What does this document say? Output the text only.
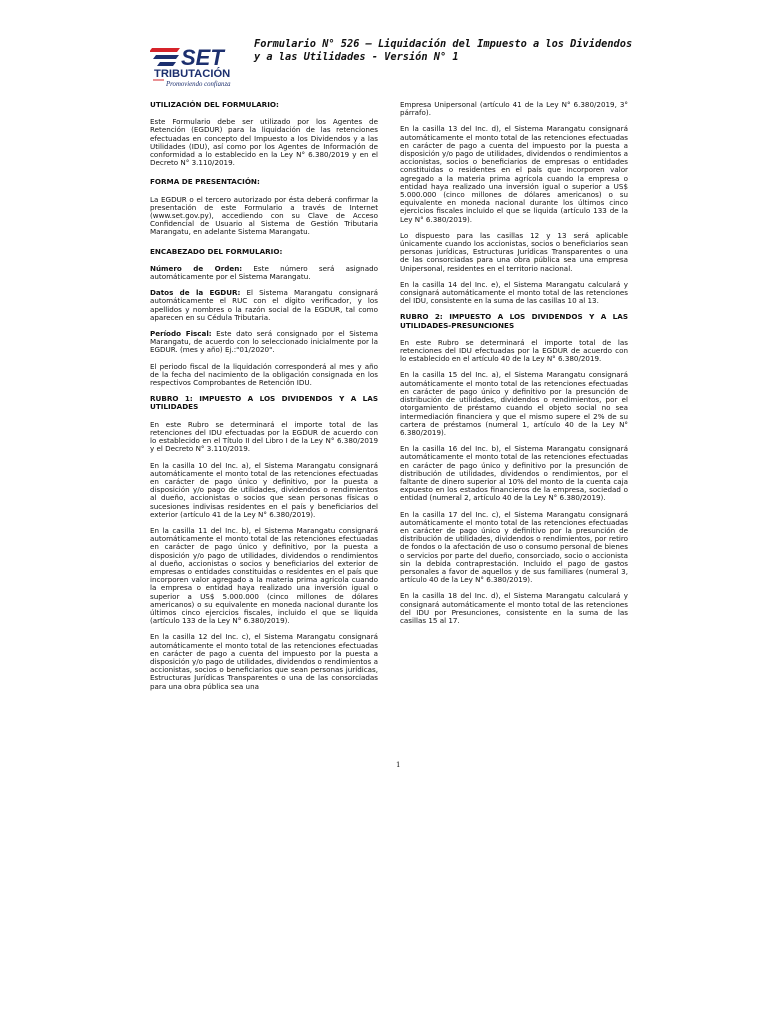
SET
TRIBUTACIÓN
Promoviendo confianza
Formulario N° 526 – Liquidación del Impuesto a los Dividendos y a las Utilidades - Versión N° 1
UTILIZACIÓN DEL FORMULARIO:

Este Formulario debe ser utilizado por los Agentes de Retención (EGDUR) para la liquidación de las retenciones efectuadas en concepto del Impuesto a los Dividendos y a las Utilidades (IDU), así como por los Agentes de Información de conformidad a lo establecido en la Ley N° 6.380/2019 y en el Decreto N° 3.110/2019.

FORMA DE PRESENTACIÓN:

La EGDUR o el tercero autorizado por ésta deberá confirmar la presentación de este Formulario a través de Internet (www.set.gov.py), accediendo con su Clave de Acceso Confidencial de Usuario al Sistema de Gestión Tributaria Marangatu, en adelante Sistema Marangatu.

ENCABEZADO DEL FORMULARIO:

Número de Orden: Este número será asignado automáticamente por el Sistema Marangatu.

Datos de la EGDUR: El Sistema Marangatu consignará automáticamente el RUC con el dígito verificador, y los apellidos y nombres o la razón social de la EGDUR, tal como aparecen en su Cédula Tributaria.

Período Fiscal: Este dato será consignado por el Sistema Marangatu, de acuerdo con lo seleccionado inicialmente por la EGDUR. (mes y año) Ej.:"01/2020".

El periodo fiscal de la liquidación corresponderá al mes y año de la fecha del nacimiento de la obligación consignada en los respectivos Comprobantes de Retención IDU.

RUBRO 1: IMPUESTO A LOS DIVIDENDOS Y A LAS UTILIDADES

En este Rubro se determinará el importe total de las retenciones del IDU efectuadas por la EGDUR de acuerdo con lo establecido en el Título II del Libro I de la Ley N° 6.380/2019 y el Decreto N° 3.110/2019.

En la casilla 10 del Inc. a), el Sistema Marangatu consignará automáticamente el monto total de las retenciones efectuadas en carácter de pago único y definitivo, por la puesta a disposición y/o pago de utilidades, dividendos o rendimientos al dueño, accionistas o socios que sean personas físicas o sucesiones indivisas residentes en el país y beneficiarios del exterior (artículo 41 de la Ley N° 6.380/2019).

En la casilla 11 del Inc. b), el Sistema Marangatu consignará automáticamente el monto total de las retenciones efectuadas en carácter de pago único y definitivo, por la puesta a disposición y/o pago de utilidades, dividendos o rendimientos al dueño, accionistas o socios y beneficiarios del exterior de empresas o entidades constituidas o residentes en el país que incorporen valor agregado a la materia prima agrícola cuando la empresa o entidad haya realizado una inversión igual o superior a US$ 5.000.000 (cinco millones de dólares americanos) o su equivalente en moneda nacional durante los últimos cinco ejercicios fiscales, incluido el que se liquida (artículo 133 de la Ley N° 6.380/2019).

En la casilla 12 del Inc. c), el Sistema Marangatu consignará automáticamente el monto total de las retenciones efectuadas en carácter de pago a cuenta del impuesto por la puesta a disposición y/o pago de utilidades, dividendos o rendimientos a accionistas, socios o beneficiarios que sean personas jurídicas, Estructuras Jurídicas Transparentes o una de las consorciadas para una obra pública sea una

Empresa Unipersonal (artículo 41 de la Ley N° 6.380/2019, 3° párrafo).

En la casilla 13 del Inc. d), el Sistema Marangatu consignará automáticamente el monto total de las retenciones efectuadas en carácter de pago a cuenta del impuesto por la puesta a disposición y/o pago de utilidades, dividendos o rendimientos a accionistas, socios o beneficiarios de empresas o entidades constituidas o residentes en el país que incorporen valor agregado a la materia prima agrícola cuando la empresa o entidad haya realizado una inversión igual o superior a US$ 5.000.000 (cinco millones de dólares americanos) o su equivalente en moneda nacional durante los últimos cinco ejercicios fiscales incluido el que se liquida (artículo 133 de la Ley N° 6.380/2019).

Lo dispuesto para las casillas 12 y 13 será aplicable únicamente cuando los accionistas, socios o beneficiarios sean personas jurídicas, Estructuras Jurídicas Transparentes o una de las consorciadas para una obra pública sea una empresa Unipersonal, residentes en el territorio nacional.

En la casilla 14 del Inc. e), el Sistema Marangatu calculará y consignará automáticamente el monto total de las retenciones del IDU, consistente en la suma de las casillas 10 al 13.

RUBRO 2: IMPUESTO A LOS DIVIDENDOS Y A LAS UTILIDADES-PRESUNCIONES

En este Rubro se determinará el importe total de las retenciones del IDU efectuadas por la EGDUR de acuerdo con lo establecido en el artículo 40 de la Ley N° 6.380/2019.

En la casilla 15 del Inc. a), el Sistema Marangatu consignará automáticamente el monto total de las retenciones efectuadas en carácter de pago único y definitivo por la presunción de distribución de utilidades, dividendos o rendimientos, por el otorgamiento de préstamo cuando el objeto social no sea intermediación financiera y que el mismo supere el 2% de su cartera de préstamos (numeral 1, artículo 40 de la Ley N° 6.380/2019).

En la casilla 16 del Inc. b), el Sistema Marangatu consignará automáticamente el monto total de las retenciones efectuadas en carácter de pago único y definitivo por la presunción de distribución de utilidades, dividendos o rendimientos, por el faltante de dinero superior al 10% del monto de la cuenta caja expuesto en los estados financieros de la empresa, sociedad o entidad (numeral 2, artículo 40 de la Ley N° 6.380/2019).

En la casilla 17 del Inc. c), el Sistema Marangatu consignará automáticamente el monto total de las retenciones efectuadas en carácter de pago único y definitivo por la presunción de distribución de utilidades, dividendos o rendimientos, por retiro de fondos o la afectación de uso o consumo personal de bienes o servicios por parte del dueño, consorciado, socio o accionista sin la debida contraprestación. Incluido el pago de gastos personales a favor de aquellos y de sus familiares (numeral 3, artículo 40 de la Ley N° 6.380/2019).

En la casilla 18 del Inc. d), el Sistema Marangatu calculará y consignará automáticamente el monto total de las retenciones del IDU por Presunciones, consistente en la suma de las casillas 15 al 17.

1
